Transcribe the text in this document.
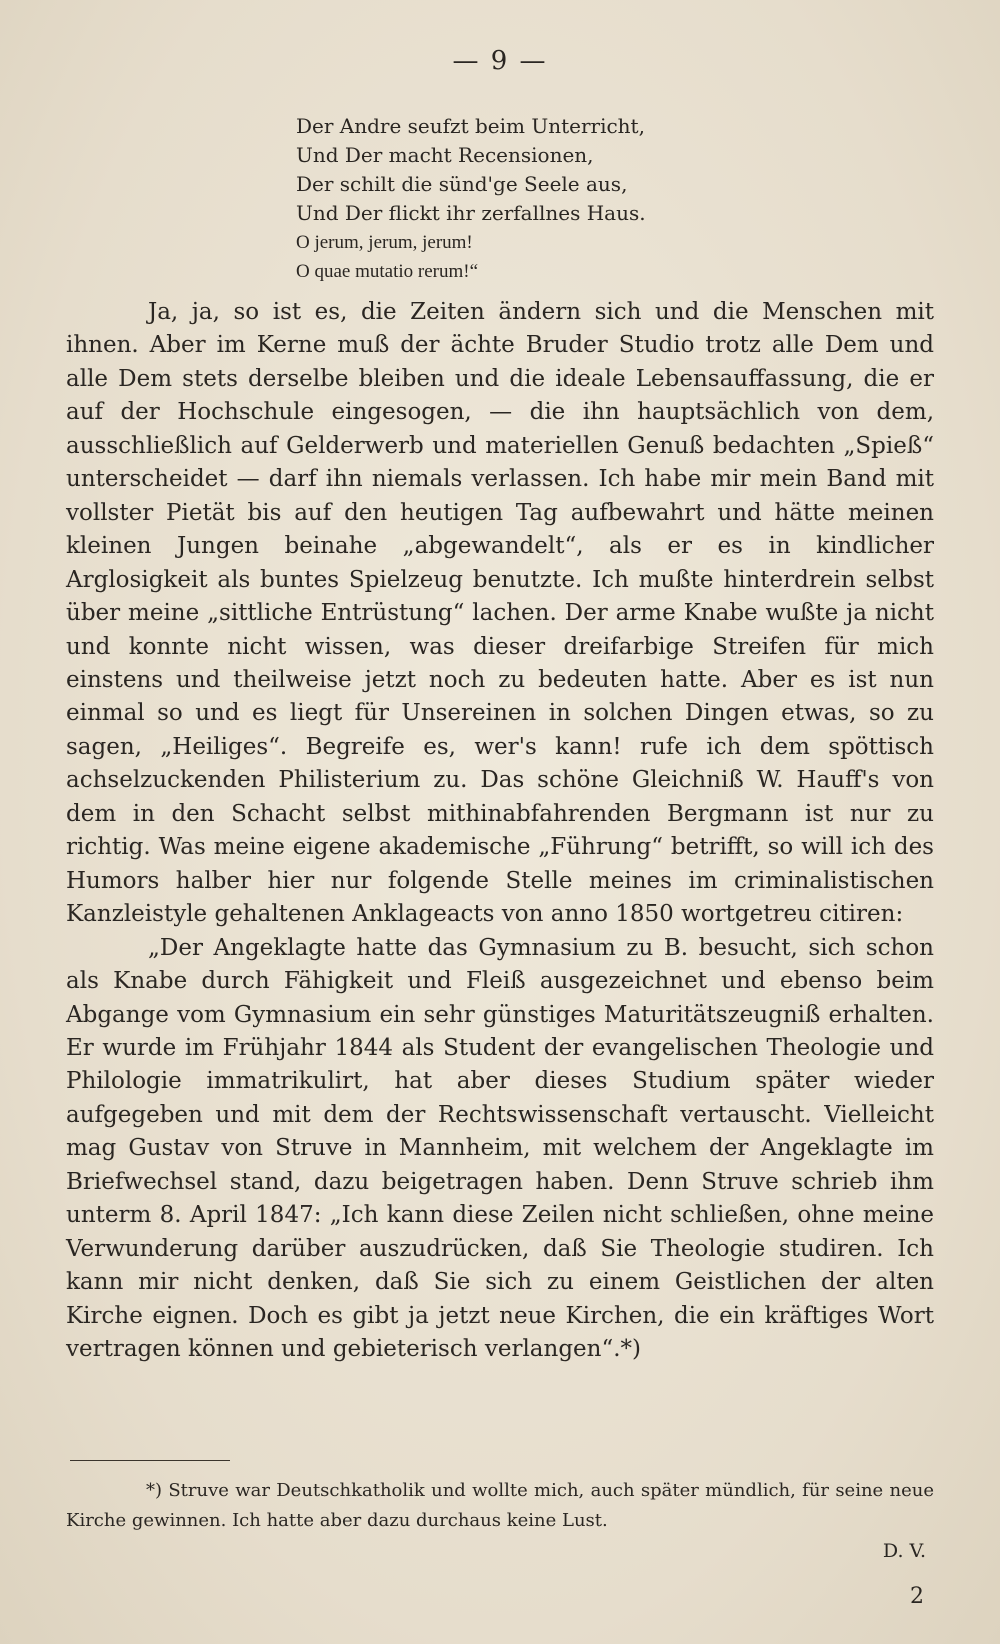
— 9 —
Der Andre seufzt beim Unterricht,
Und Der macht Recensionen,
Der schilt die sünd'ge Seele aus,
Und Der flickt ihr zerfallnes Haus.
O jerum, jerum, jerum!
O quae mutatio rerum!“

Ja, ja, so ist es, die Zeiten ändern sich und die Menschen mit ihnen. Aber im Kerne muß der ächte Bruder Studio trotz alle Dem und alle Dem stets derselbe bleiben und die ideale Lebensauffassung, die er auf der Hochschule eingesogen, — die ihn hauptsächlich von dem, ausschließlich auf Gelderwerb und materiellen Genuß bedachten „Spieß“ unterscheidet — darf ihn niemals verlassen. Ich habe mir mein Band mit vollster Pietät bis auf den heutigen Tag aufbewahrt und hätte meinen kleinen Jungen beinahe „abgewandelt“, als er es in kindlicher Arglosigkeit als buntes Spielzeug benutzte. Ich mußte hinterdrein selbst über meine „sittliche Entrüstung“ lachen. Der arme Knabe wußte ja nicht und konnte nicht wissen, was dieser dreifarbige Streifen für mich einstens und theilweise jetzt noch zu bedeuten hatte. Aber es ist nun einmal so und es liegt für Unsereinen in solchen Dingen etwas, so zu sagen, „Heiliges“. Begreife es, wer's kann! rufe ich dem spöttisch achselzuckenden Philisterium zu. Das schöne Gleichniß W. Hauff's von dem in den Schacht selbst mithinabfahrenden Bergmann ist nur zu richtig. Was meine eigene akademische „Führung“ betrifft, so will ich des Humors halber hier nur folgende Stelle meines im criminalistischen Kanzleistyle gehaltenen Anklageacts von anno 1850 wortgetreu citiren:

„Der Angeklagte hatte das Gymnasium zu B. besucht, sich schon als Knabe durch Fähigkeit und Fleiß ausgezeichnet und ebenso beim Abgange vom Gymnasium ein sehr günstiges Maturitätszeugniß erhalten. Er wurde im Frühjahr 1844 als Student der evangelischen Theologie und Philologie immatrikulirt, hat aber dieses Studium später wieder aufgegeben und mit dem der Rechtswissenschaft vertauscht. Vielleicht mag Gustav von Struve in Mannheim, mit welchem der Angeklagte im Briefwechsel stand, dazu beigetragen haben. Denn Struve schrieb ihm unterm 8. April 1847: „Ich kann diese Zeilen nicht schließen, ohne meine Verwunderung darüber auszudrücken, daß Sie Theologie studiren. Ich kann mir nicht denken, daß Sie sich zu einem Geistlichen der alten Kirche eignen. Doch es gibt ja jetzt neue Kirchen, die ein kräftiges Wort vertragen können und gebieterisch verlangen“.*)

*) Struve war Deutschkatholik und wollte mich, auch später mündlich, für seine neue Kirche gewinnen. Ich hatte aber dazu durchaus keine Lust.

D. V.
2
